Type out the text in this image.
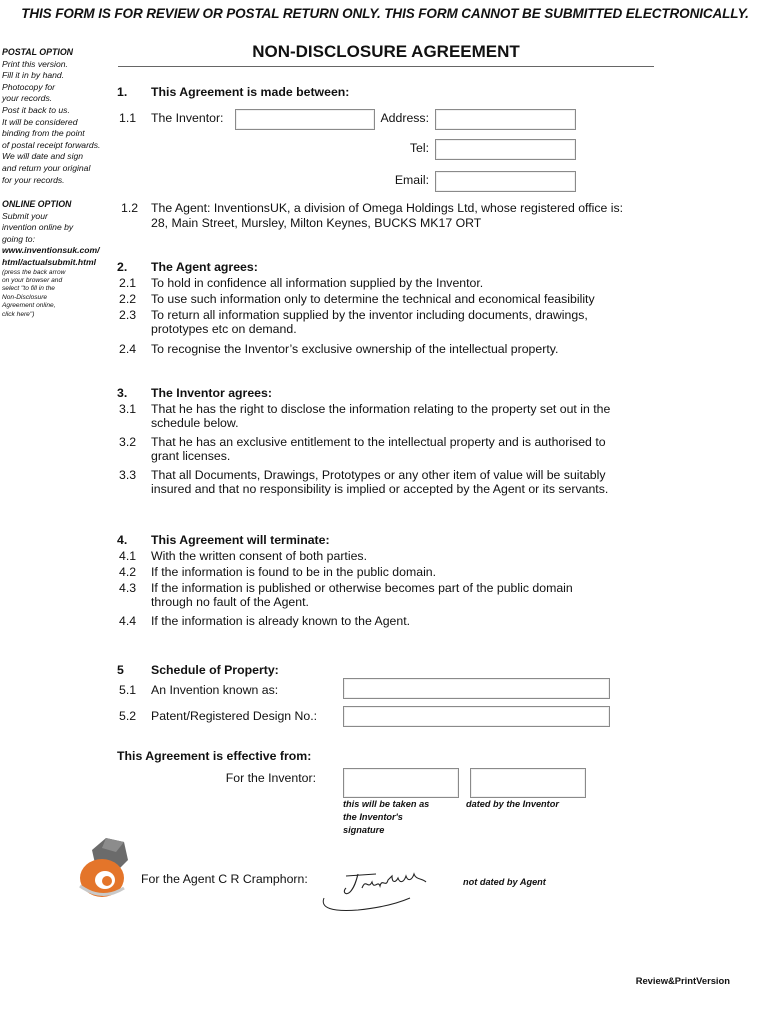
THIS FORM IS FOR REVIEW OR POSTAL RETURN ONLY. THIS FORM CANNOT BE SUBMITTED ELECTRONICALLY.
NON-DISCLOSURE AGREEMENT
POSTAL OPTION
Print this version.
Fill it in by hand.
Photocopy for
your records.
Post it back to us.
It will be considered
binding from the point
of postal receipt forwards.
We will date and sign
and return your original
for your records.
ONLINE OPTION
Submit your
invention online by
going to:
www.inventionsuk.com/
html/actualsubmit.html
(press the back arrow
on your browser and
select "to fill in the
Non-Disclosure
Agreement online,
click here")
1.	This Agreement is made between:
1.1	The Inventor:	Address:
Tel:
Email:
1.2	The Agent: InventionsUK, a division of Omega Holdings Ltd, whose registered office is:
28, Main Street, Mursley, Milton Keynes, BUCKS MK17 ORT
2.	The Agent agrees:
2.1	To hold in confidence all information supplied by the Inventor.
2.2	To use such information only to determine the technical and economical feasibility
2.3	To return all information supplied by the inventor including documents, drawings,
prototypes etc on demand.
2.4	To recognise the Inventor’s exclusive ownership of the intellectual property.
3.	The Inventor agrees:
3.1	That he has the right to disclose the information relating to the property set out in the
schedule below.
3.2	That he has an exclusive entitlement to the intellectual property and is authorised to
grant licenses.
3.3	That all Documents, Drawings, Prototypes or any other item of value will be suitably
insured and that no responsibility is implied or accepted by the Agent or its servants.
4.	This Agreement will terminate:
4.1	With the written consent of both parties.
4.2	If the information is found to be in the public domain.
4.3	If the information is published or otherwise becomes part of the public domain
through no fault of the Agent.
4.4	If the information is already known to the Agent.
5	Schedule of Property:
5.1	An Invention known as:
5.2	Patent/Registered Design No.:
This Agreement is effective from:
For the Inventor:
this will be taken as
the Inventor's
signature
dated by the Inventor
For the Agent C R Cramphorn:	not dated by Agent
Review&PrintVersion
